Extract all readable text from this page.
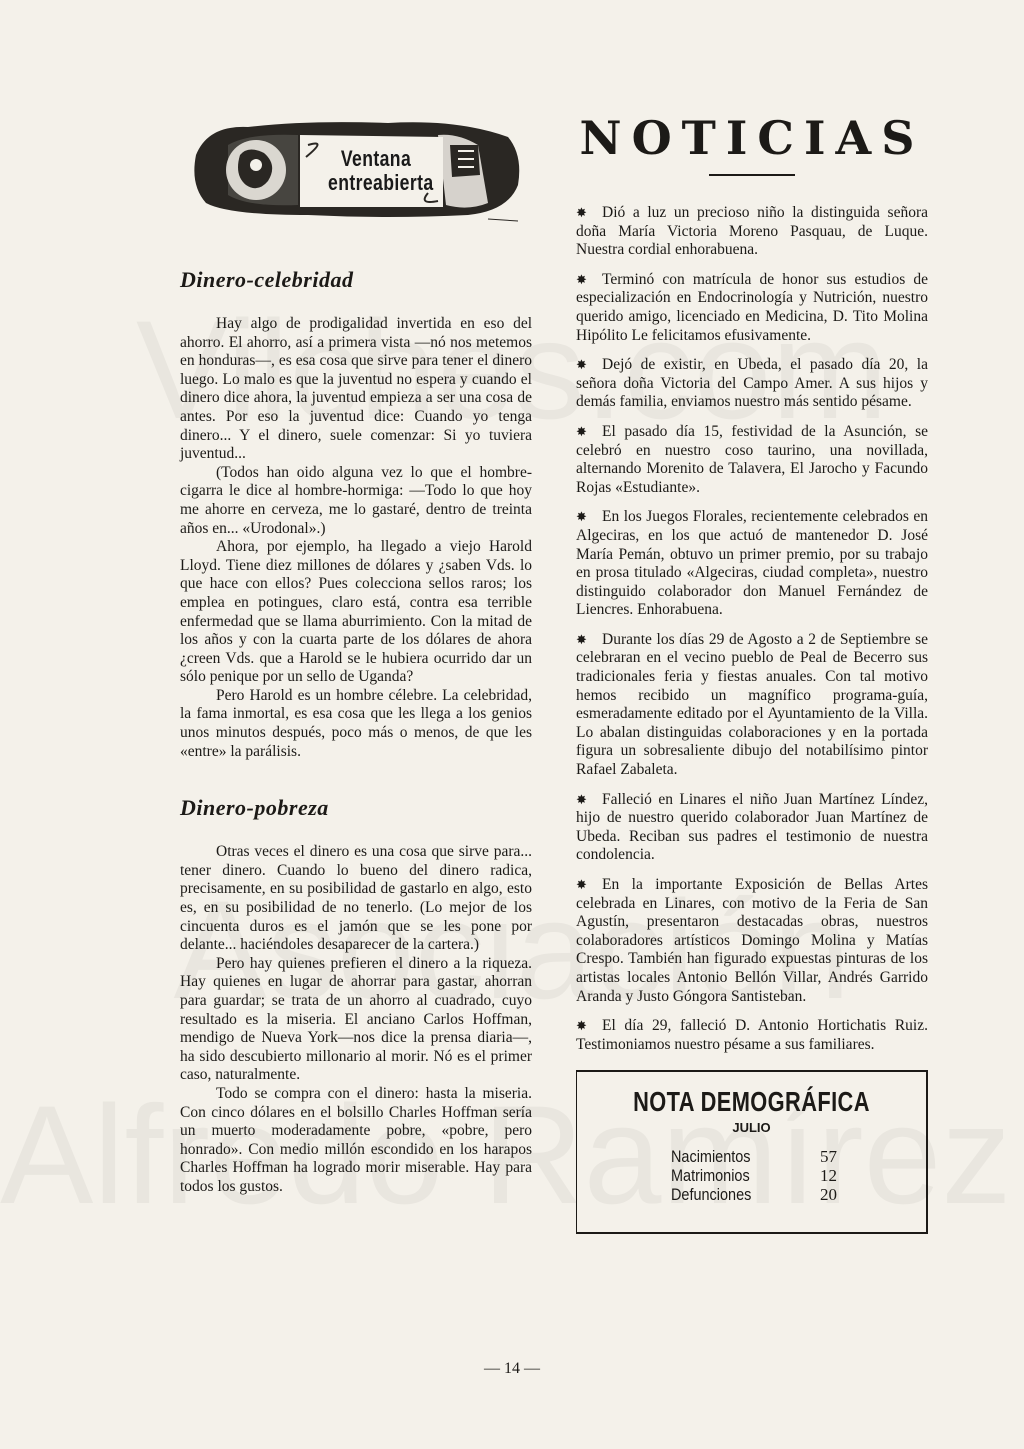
Ventana
entreabierta
Dinero-celebridad

Hay algo de prodigalidad invertida en eso del ahorro. El ahorro, así a primera vista —nó nos metemos en honduras—, es esa cosa que sirve para tener el dinero luego. Lo malo es que la juventud no espera y cuando el dinero dice ahora, la juventud empieza a ser una cosa de antes. Por eso la juventud dice: Cuando yo tenga dinero... Y el dinero, suele comenzar: Si yo tuviera juventud...

(Todos han oido alguna vez lo que el hombre-cigarra le dice al hombre-hormiga: —Todo lo que hoy me ahorre en cerveza, me lo gastaré, dentro de treinta años en... «Urodonal».)

Ahora, por ejemplo, ha llegado a viejo Harold Lloyd. Tiene diez millones de dólares y ¿saben Vds. lo que hace con ellos? Pues colecciona sellos raros; los emplea en potingues, claro está, contra esa terrible enfermedad que se llama aburrimiento. Con la mitad de los años y con la cuarta parte de los dólares de ahora ¿creen Vds. que a Harold se le hubiera ocurrido dar un sólo penique por un sello de Uganda?

Pero Harold es un hombre célebre. La celebridad, la fama inmortal, es esa cosa que les llega a los genios unos minutos después, poco más o menos, de que les «entre» la parálisis.

Dinero-pobreza

Otras veces el dinero es una cosa que sirve para... tener dinero. Cuando lo bueno del dinero radica, precisamente, en su posibilidad de gastarlo en algo, esto es, en su posibilidad de no tenerlo. (Lo mejor de los cincuenta duros es el jamón que se les pone por delante... haciéndoles desaparecer de la cartera.)

Pero hay quienes prefieren el dinero a la riqueza. Hay quienes en lugar de ahorrar para gastar, ahorran para guardar; se trata de un ahorro al cuadrado, cuyo resultado es la miseria. El anciano Carlos Hoffman, mendigo de Nueva York—nos dice la prensa diaria—, ha sido descubierto millonario al morir. Nó es el primer caso, naturalmente.

Todo se compra con el dinero: hasta la miseria. Con cinco dólares en el bolsillo Charles Hoffman sería un muerto moderadamente pobre, «pobre, pero honrado». Con medio millón escondido en los harapos Charles Hoffman ha logrado morir miserable. Hay para todos los gustos.

NOTICIAS

✸ Dió a luz un precioso niño la distinguida señora doña María Victoria Moreno Pasquau, de Luque. Nuestra cordial enhorabuena.

✸ Terminó con matrícula de honor sus estudios de especialización en Endocrinología y Nutrición, nuestro querido amigo, licenciado en Medicina, D. Tito Molina Hipólito Le felicitamos efusivamente.

✸ Dejó de existir, en Ubeda, el pasado día 20, la señora doña Victoria del Campo Amer. A sus hijos y demás familia, enviamos nuestro más sentido pésame.

✸ El pasado día 15, festividad de la Asunción, se celebró en nuestro coso taurino, una novillada, alternando Morenito de Talavera, El Jarocho y Facundo Rojas «Estudiante».

✸ En los Juegos Florales, recientemente celebrados en Algeciras, en los que actuó de mantenedor D. José María Pemán, obtuvo un primer premio, por su trabajo en prosa titulado «Algeciras, ciudad completa», nuestro distinguido colaborador don Manuel Fernández de Liencres. Enhorabuena.

✸ Durante los días 29 de Agosto a 2 de Septiembre se celebraran en el vecino pueblo de Peal de Becerro sus tradicionales feria y fiestas anuales. Con tal motivo hemos recibido un magnífico programa-guía, esmeradamente editado por el Ayuntamiento de la Villa. Lo abalan distinguidas colaboraciones y en la portada figura un sobresaliente dibujo del notabilísimo pintor Rafael Zabaleta.

✸ Falleció en Linares el niño Juan Martínez Líndez, hijo de nuestro querido colaborador Juan Martínez de Ubeda. Reciban sus padres el testimonio de nuestra condolencia.

✸ En la importante Exposición de Bellas Artes celebrada en Linares, con motivo de la Feria de San Agustín, presentaron destacadas obras, nuestros colaboradores artísticos Domingo Molina y Matías Crespo. También han figurado expuestas pinturas de los artistas locales Antonio Bellón Villar, Andrés Garrido Aranda y Justo Góngora Santisteban.

✸ El día 29, falleció D. Antonio Hortichatis Ruiz. Testimoniamos nuestro pésame a sus familiares.

NOTA DEMOGRÁFICA
JULIO
Nacimientos	57
Matrimonios	12
Defunciones	20
— 14 —
